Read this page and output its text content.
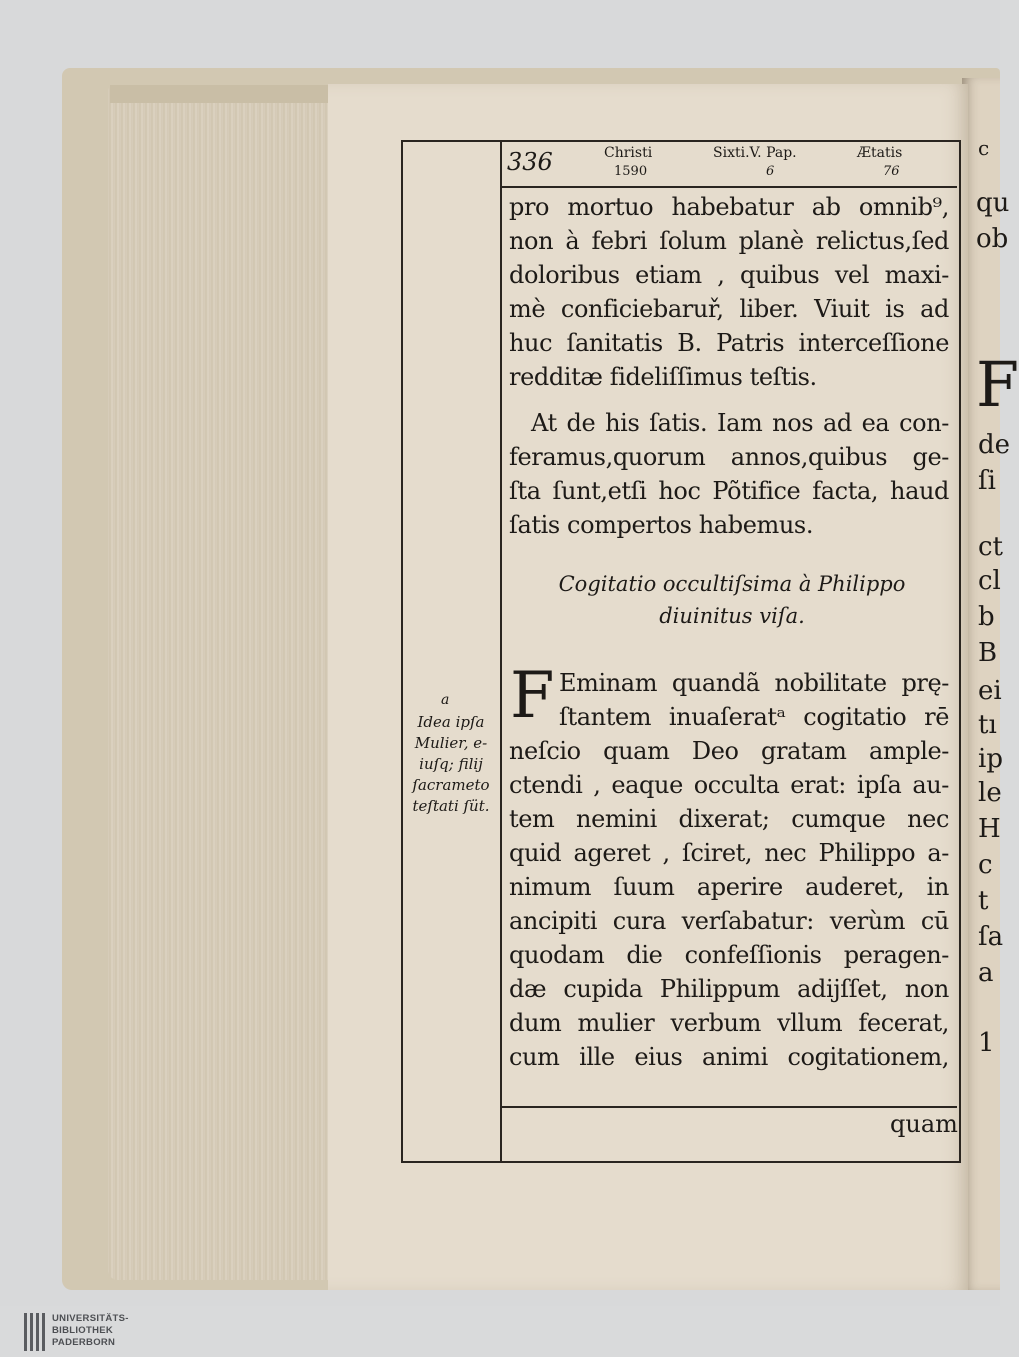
c
qu
ob
F
de
ſi
ct
cl
b
B
ei
tı
ip
le
H
c
t
ſa
a
1
336	Christi
1590
Sixti.V. Pap.
6
Ætatis
76
pro mortuo habebatur ab omnib⁹,
non à febri ſolum planè relictus,ſed
doloribus etiam , quibus vel maxi-
mè conficiebaruř, liber. Viuit is ad
huc ſanitatis B. Patris interceſſione
redditæ fideliſſimus teſtis.
At de his ſatis. Iam nos ad ea con-
feramus,quorum annos,quibus ge-
ſta ſunt,etſi hoc Põtifice facta, haud
ſatis compertos habemus.
Cogitatio occultiſsima à Philippo
diuinitus viſa.
F Eminam quandã nobilitate prę-
ſtantem inuaſeratᵃ cogitatio rē
neſcio quam Deo gratam ample-
ctendi , eaque occulta erat: ipſa au-
tem nemini dixerat; cumque nec
quid ageret , ſciret, nec Philippo a-
nimum ſuum aperire auderet, in
ancipiti cura verſabatur: verùm cū
quodam die confeſſionis peragen-
dæ cupida Philippum adijſſet, non
dum mulier verbum vllum fecerat,
cum ille eius animi cogitationem,
quam
a
Idea ipſa
Mulier, e-
iuſq; filij
ſacrameto
teſtati ſüt.
UNIVERSITÄTS-
BIBLIOTHEK
PADERBORN
